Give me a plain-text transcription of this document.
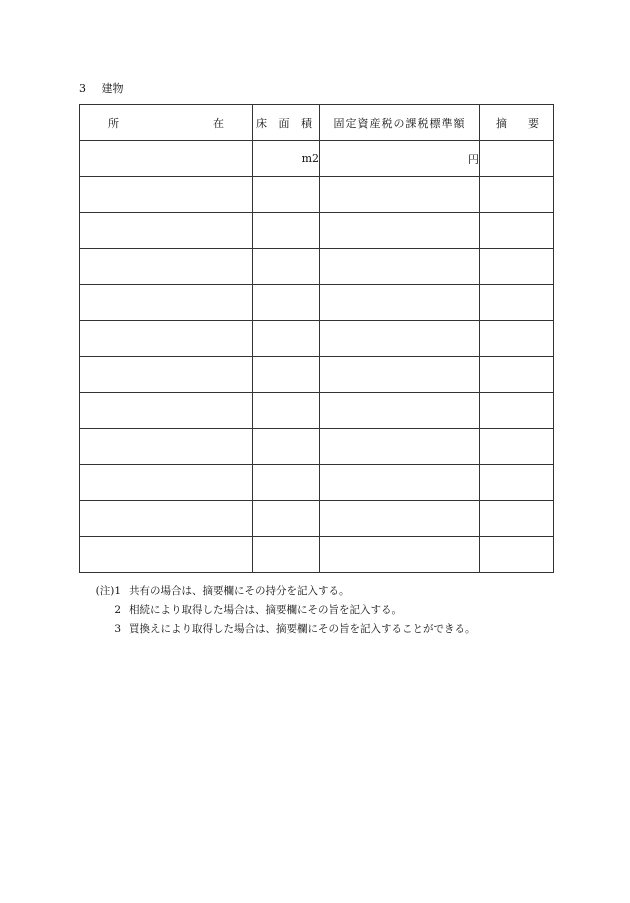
3 建物
所 在	床 面 積	固定資産税の課税標準額	摘 要

	m2	円	

(注)1 共有の場合は、摘要欄にその持分を記入する。
2 相続により取得した場合は、摘要欄にその旨を記入する。
3 買換えにより取得した場合は、摘要欄にその旨を記入することができる。
